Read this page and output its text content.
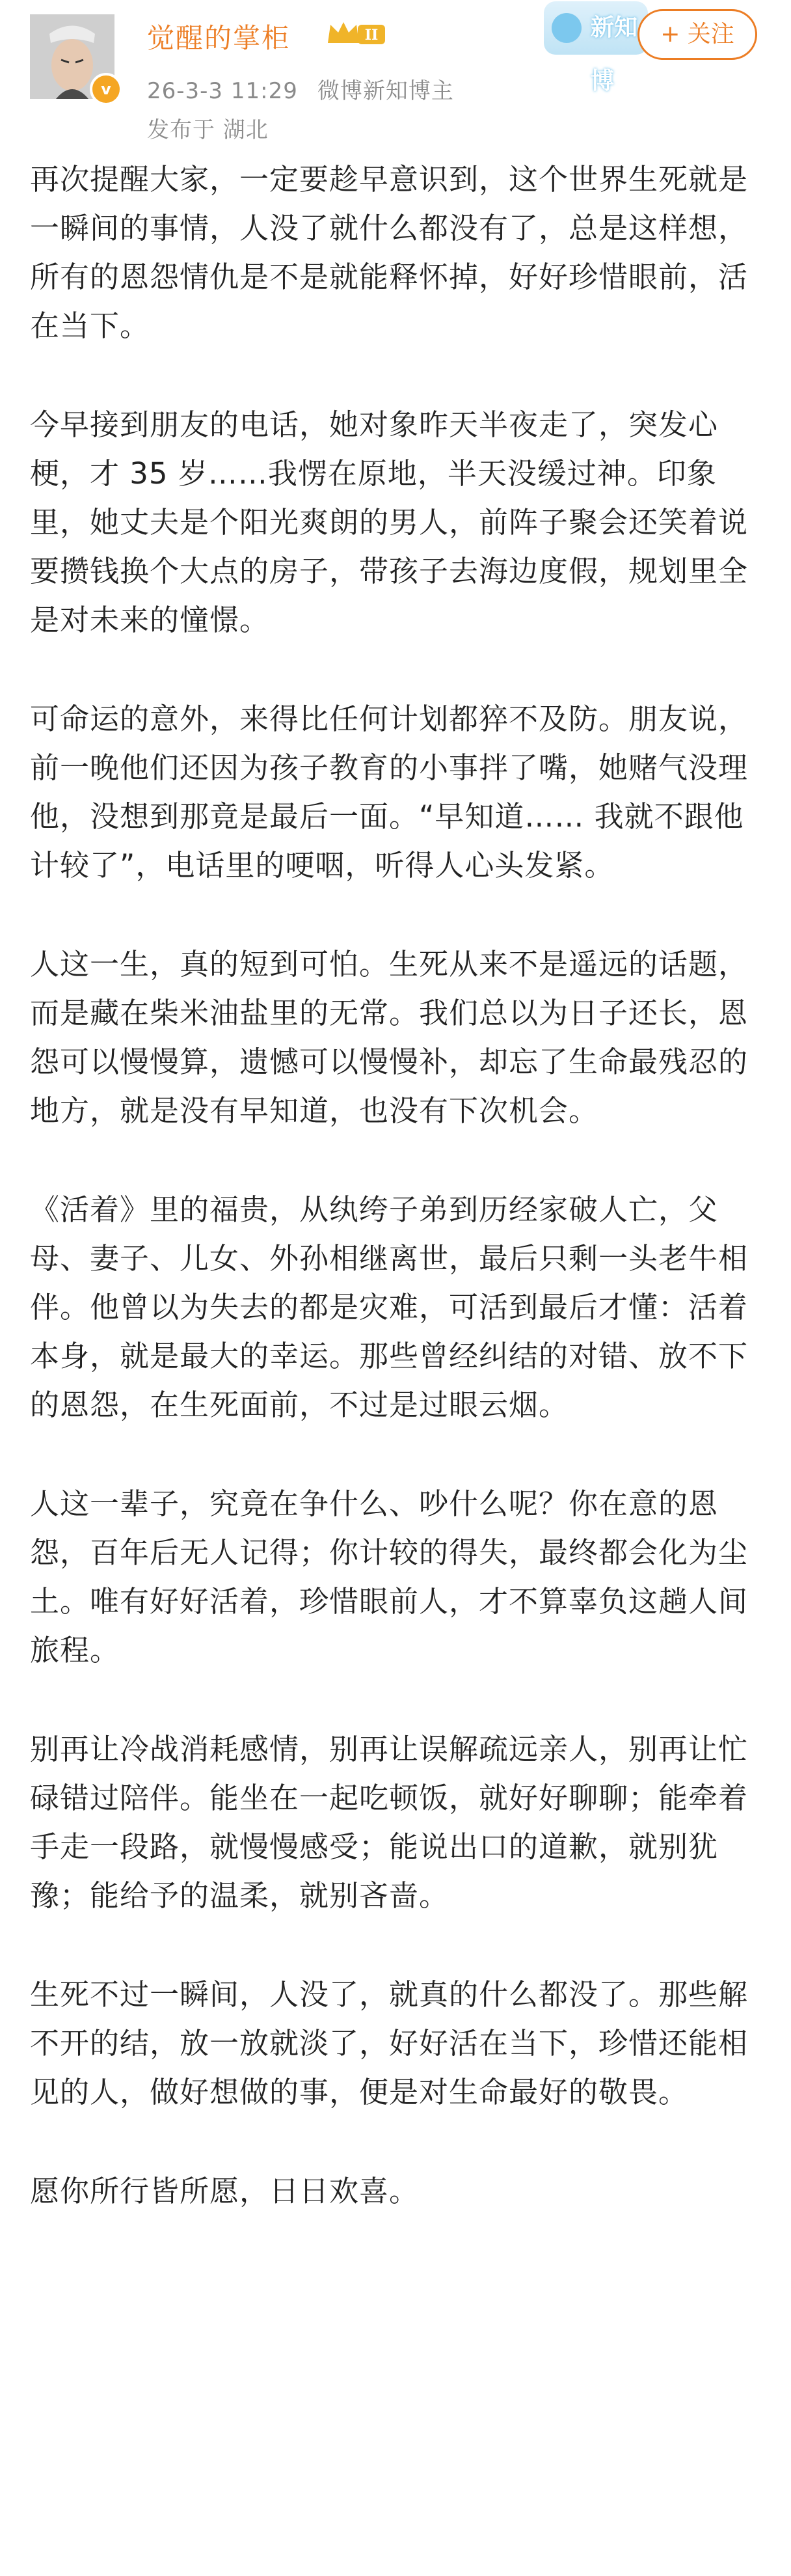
v
觉醒的掌柜	II
26-3-3 11:29 微博新知博主
发布于 湖北
新知博
+ 关注

再次提醒大家，一定要趁早意识到，这个世界生死就是一瞬间的事情，人没了就什么都没有了，总是这样想，所有的恩怨情仇是不是就能释怀掉，好好珍惜眼前，活在当下。

今早接到朋友的电话，她对象昨天半夜走了，突发心梗，才 35 岁……我愣在原地，半天没缓过神。印象里，她丈夫是个阳光爽朗的男人，前阵子聚会还笑着说要攒钱换个大点的房子，带孩子去海边度假，规划里全是对未来的憧憬。

可命运的意外，来得比任何计划都猝不及防。朋友说，前一晚他们还因为孩子教育的小事拌了嘴，她赌气没理他，没想到那竟是最后一面。“早知道…… 我就不跟他计较了”，电话里的哽咽，听得人心头发紧。

人这一生，真的短到可怕。生死从来不是遥远的话题，而是藏在柴米油盐里的无常。我们总以为日子还长，恩怨可以慢慢算，遗憾可以慢慢补，却忘了生命最残忍的地方，就是没有早知道，也没有下次机会。

《活着》里的福贵，从纨绔子弟到历经家破人亡，父母、妻子、儿女、外孙相继离世，最后只剩一头老牛相伴。他曾以为失去的都是灾难，可活到最后才懂：活着本身，就是最大的幸运。那些曾经纠结的对错、放不下的恩怨，在生死面前，不过是过眼云烟。

人这一辈子，究竟在争什么、吵什么呢？你在意的恩怨，百年后无人记得；你计较的得失，最终都会化为尘土。唯有好好活着，珍惜眼前人，才不算辜负这趟人间旅程。

别再让冷战消耗感情，别再让误解疏远亲人，别再让忙碌错过陪伴。能坐在一起吃顿饭，就好好聊聊；能牵着手走一段路，就慢慢感受；能说出口的道歉，就别犹豫；能给予的温柔，就别吝啬。

生死不过一瞬间，人没了，就真的什么都没了。那些解不开的结，放一放就淡了，好好活在当下，珍惜还能相见的人，做好想做的事，便是对生命最好的敬畏。

愿你所行皆所愿，日日欢喜。
